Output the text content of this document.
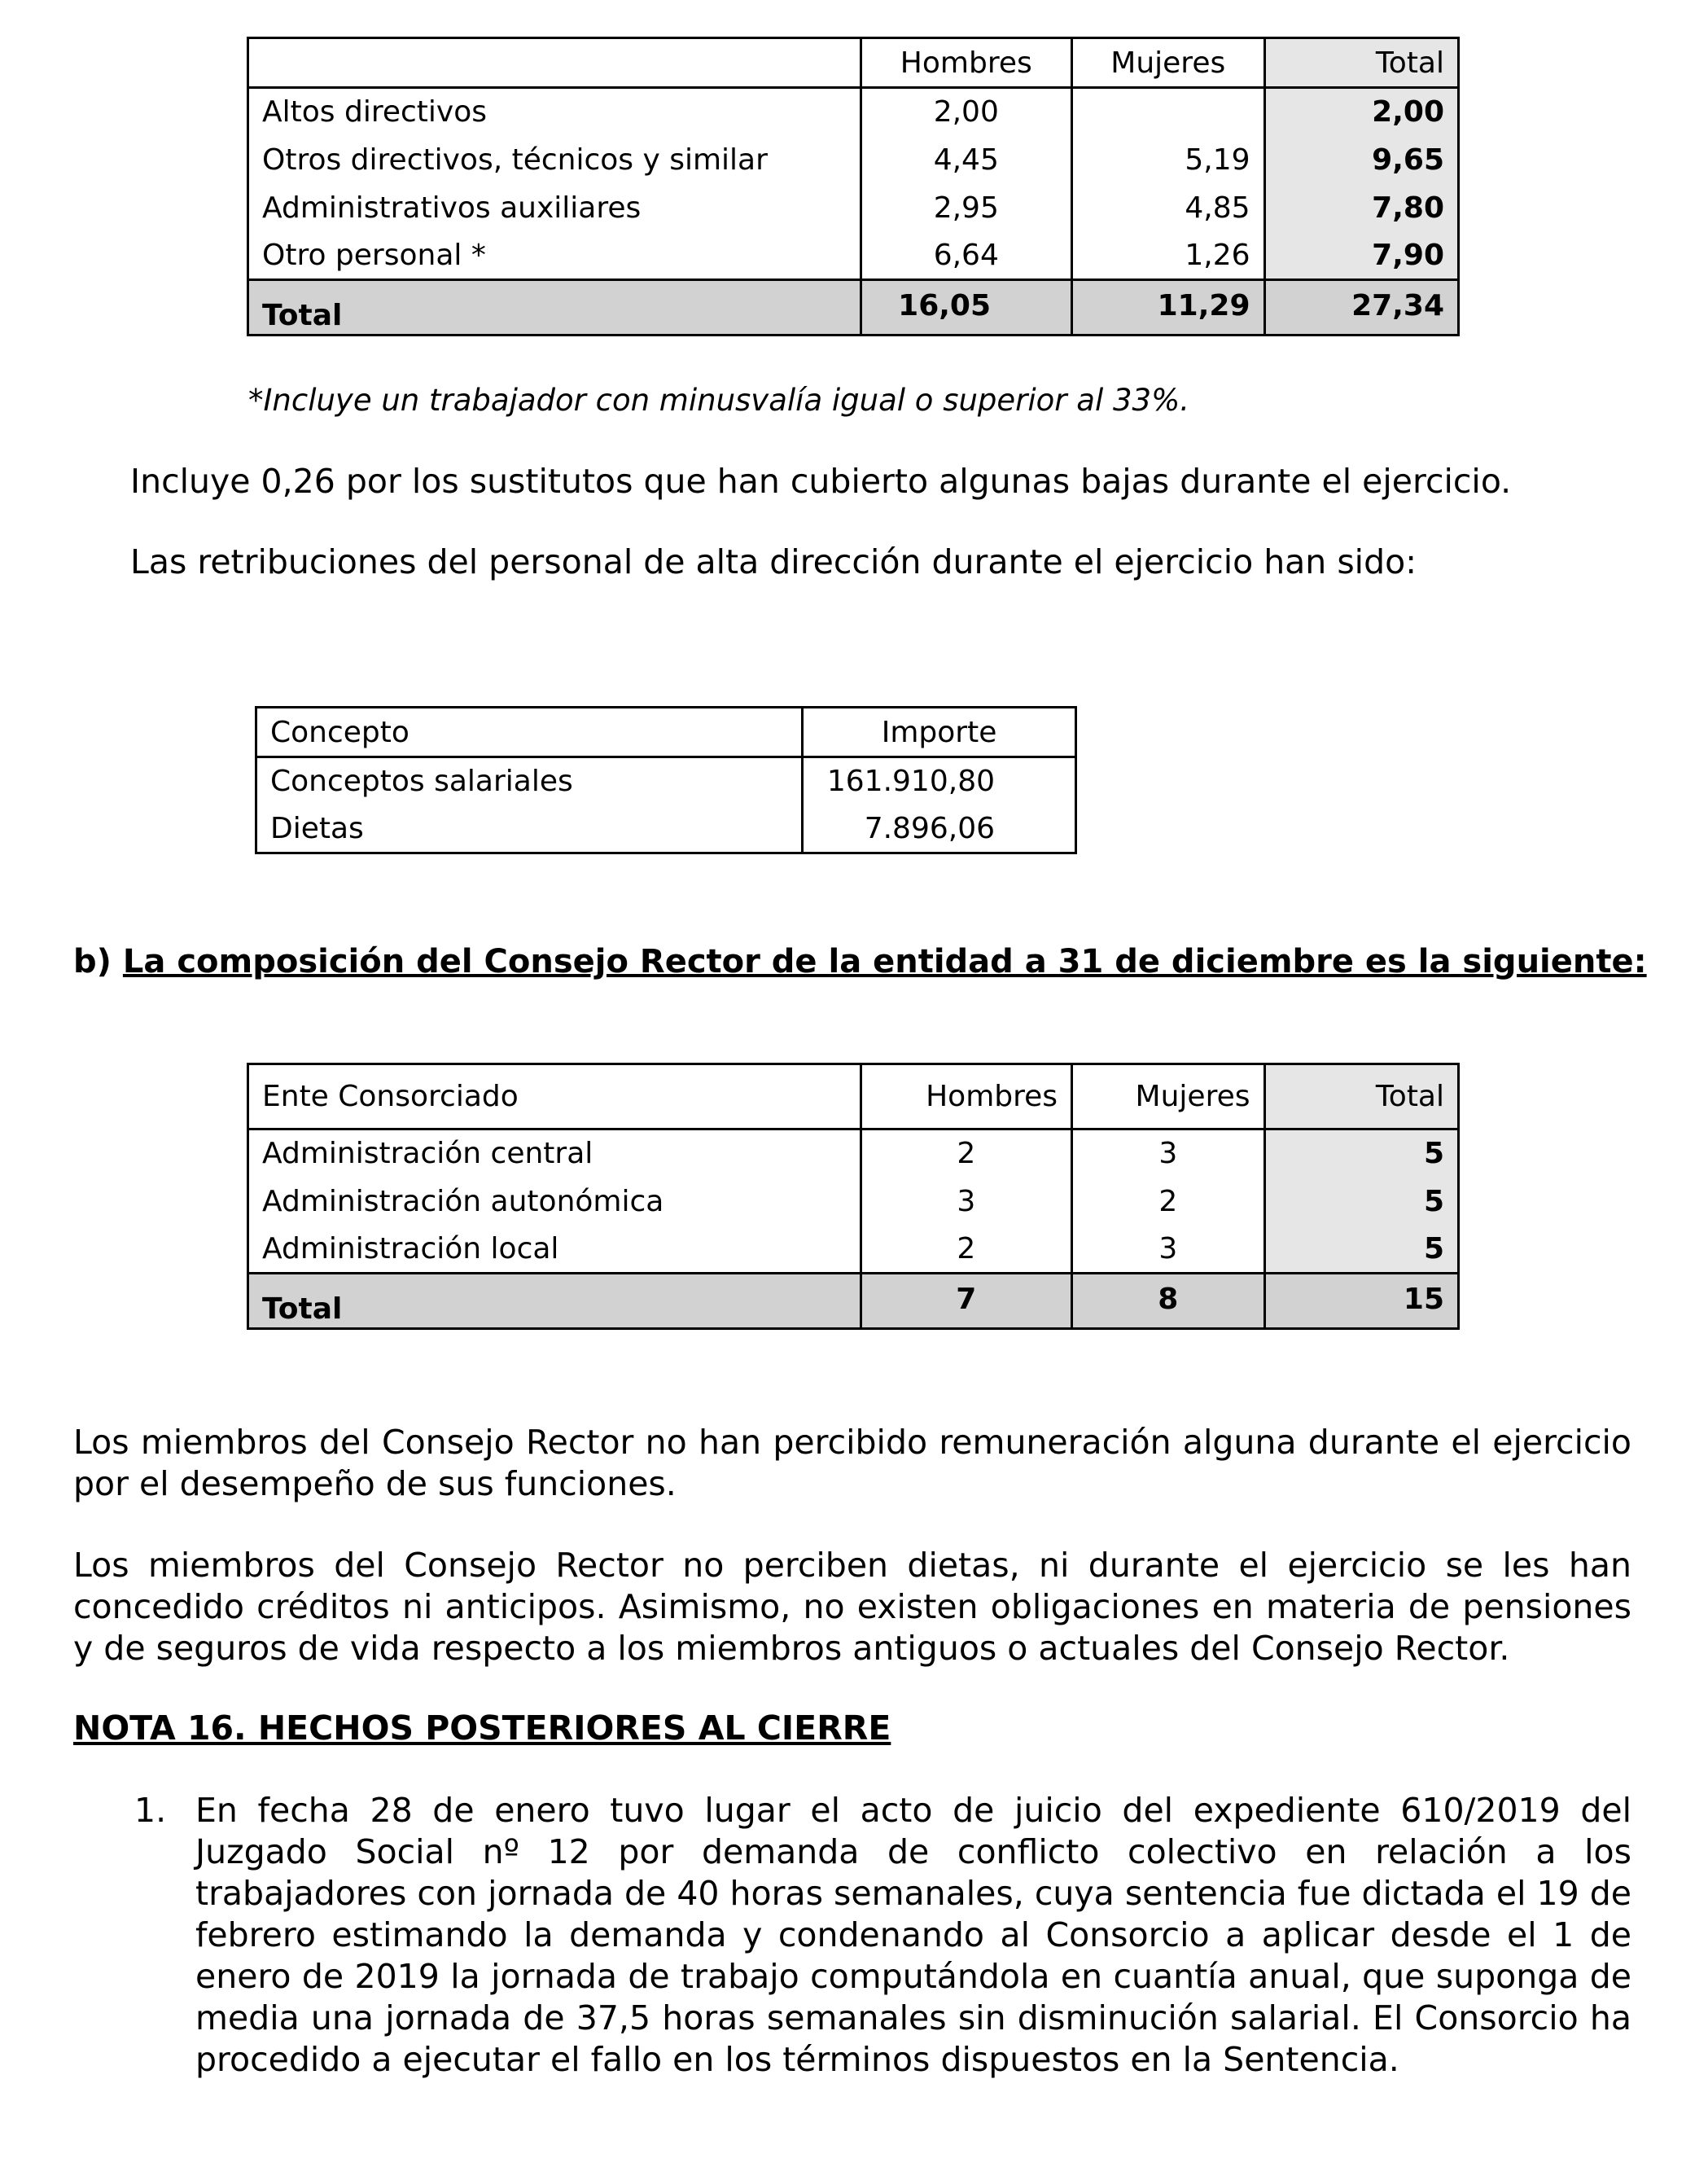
	Hombres	Mujeres	Total
Altos directivos	2,00		2,00
Otros directivos, técnicos y similar	4,45	5,19	9,65
Administrativos auxiliares	2,95	4,85	7,80
Otro personal *	6,64	1,26	7,90
Total	16,05	11,29	27,34
*Incluye un trabajador con minusvalía igual o superior al 33%.

Incluye 0,26 por los sustitutos que han cubierto algunas bajas durante el ejercicio.

Las retribuciones del personal de alta dirección durante el ejercicio han sido:

Concepto	Importe
Conceptos salariales	161.910,80
Dietas	7.896,06
b) La composición del Consejo Rector de la entidad a 31 de diciembre es la siguiente:
Ente Consorciado	Hombres	Mujeres	Total
Administración central	2	3	5
Administración autonómica	3	2	5
Administración local	2	3	5
Total	7	8	15

Los miembros del Consejo Rector no han percibido remuneración alguna durante el ejercicio por el desempeño de sus funciones.

Los miembros del Consejo Rector no perciben dietas, ni durante el ejercicio se les han concedido créditos ni anticipos. Asimismo, no existen obligaciones en materia de pensiones y de seguros de vida respecto a los miembros antiguos o actuales del Consejo Rector.

NOTA 16. HECHOS POSTERIORES AL CIERRE
1. En fecha 28 de enero tuvo lugar el acto de juicio del expediente 610/2019 del Juzgado Social nº 12 por demanda de conflicto colectivo en relación a los trabajadores con jornada de 40 horas semanales, cuya sentencia fue dictada el 19 de febrero estimando la demanda y condenando al Consorcio a aplicar desde el 1 de enero de 2019 la jornada de trabajo computándola en cuantía anual, que suponga de media una jornada de 37,5 horas semanales sin disminución salarial. El Consorcio ha procedido a ejecutar el fallo en los términos dispuestos en la Sentencia.
